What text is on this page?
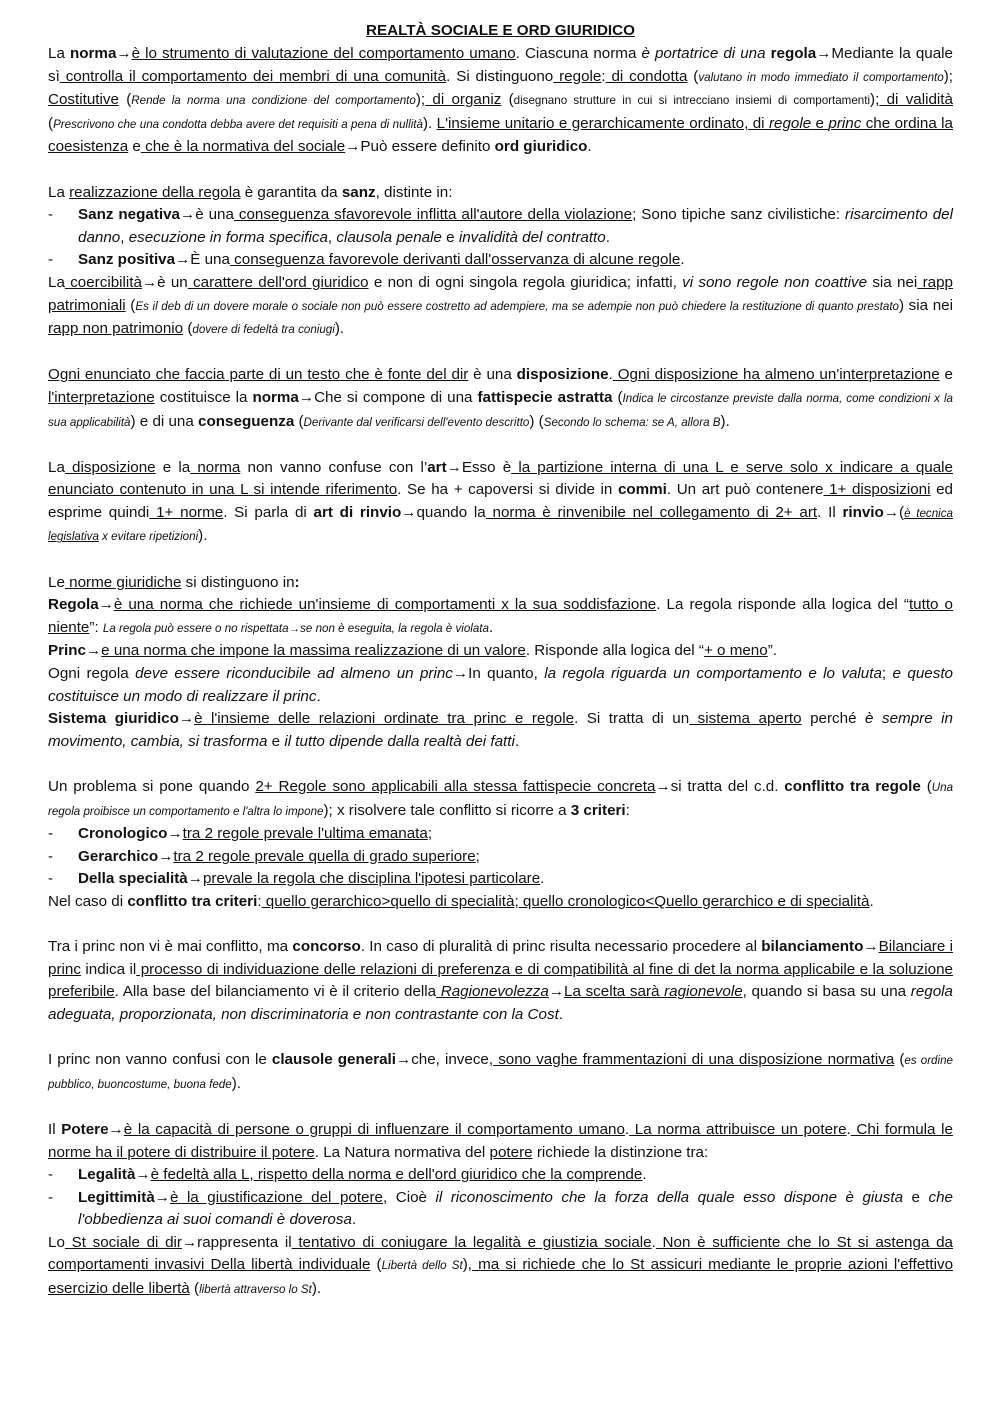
REALTÀ SOCIALE E ORD GIURIDICO

La norma→è lo strumento di valutazione del comportamento umano. Ciascuna norma è portatrice di una regola→Mediante la quale sì controlla il comportamento dei membri di una comunità. Si distinguono regole: di condotta (valutano in modo immediato il comportamento); Costitutive (Rende la norma una condizione del comportamento); di organiz (disegnano strutture in cui si intrecciano insiemi di comportamenti); di validità (Prescrivono che una condotta debba avere det requisiti a pena di nullità). L'insieme unitario e gerarchicamente ordinato, di regole e princ che ordina la coesistenza e che è la normativa del sociale→Può essere definito ord giuridico.

La realizzazione della regola è garantita da sanz, distinte in:

-	Sanz negativa→è una conseguenza sfavorevole inflitta all'autore della violazione; Sono tipiche sanz civilistiche: risarcimento del danno, esecuzione in forma specifica, clausola penale e invalidità del contratto.
-	Sanz positiva→È una conseguenza favorevole derivanti dall'osservanza di alcune regole.

La coercibilità→è un carattere dell'ord giuridico e non di ogni singola regola giuridica; infatti, vi sono regole non coattive sia nei rapp patrimoniali (Es il deb di un dovere morale o sociale non può essere costretto ad adempiere, ma se adempie non può chiedere la restituzione di quanto prestato) sia nei rapp non patrimonio (dovere di fedeltà tra coniugi).

Ogni enunciato che faccia parte di un testo che è fonte del dir è una disposizione. Ogni disposizione ha almeno un'interpretazione e l'interpretazione costituisce la norma→Che si compone di una fattispecie astratta (Indica le circostanze previste dalla norma, come condizioni x la sua applicabilità) e di una conseguenza (Derivante dal verificarsi dell'evento descritto) (Secondo lo schema: se A, allora B).

La disposizione e la norma non vanno confuse con l’art→Esso è la partizione interna di una L e serve solo x indicare a quale enunciato contenuto in una L si intende riferimento. Se ha + capoversi si divide in commi. Un art può contenere 1+ disposizioni ed esprime quindi 1+ norme. Si parla di art di rinvio→quando la norma è rinvenibile nel collegamento di 2+ art. Il rinvio→(è tecnica legislativa x evitare ripetizioni).

Le norme giuridiche si distinguono in:

Regola→è una norma che richiede un'insieme di comportamenti x la sua soddisfazione. La regola risponde alla logica del “tutto o niente”: La regola può essere o no rispettata→se non è eseguita, la regola è violata.

Princ→e una norma che impone la massima realizzazione di un valore. Risponde alla logica del “+ o meno”.

Ogni regola deve essere riconducibile ad almeno un princ→In quanto, la regola riguarda un comportamento e lo valuta; e questo costituisce un modo di realizzare il princ.

Sistema giuridico→è l'insieme delle relazioni ordinate tra princ e regole. Si tratta di un sistema aperto perché è sempre in movimento, cambia, si trasforma e il tutto dipende dalla realtà dei fatti.

Un problema si pone quando 2+ Regole sono applicabili alla stessa fattispecie concreta→si tratta del c.d. conflitto tra regole (Una regola proibisce un comportamento e l'altra lo impone); x risolvere tale conflitto si ricorre a 3 criteri:

-	Cronologico→tra 2 regole prevale l'ultima emanata;
-	Gerarchico→tra 2 regole prevale quella di grado superiore;
-	Della specialità→prevale la regola che disciplina l'ipotesi particolare.

Nel caso di conflitto tra criteri: quello gerarchico>quello di specialità; quello cronologico<Quello gerarchico e di specialità.

Tra i princ non vi è mai conflitto, ma concorso. In caso di pluralità di princ risulta necessario procedere al bilanciamento→Bilanciare i princ indica il processo di individuazione delle relazioni di preferenza e di compatibilità al fine di det la norma applicabile e la soluzione preferibile. Alla base del bilanciamento vi è il criterio della Ragionevolezza→La scelta sarà ragionevole, quando si basa su una regola adeguata, proporzionata, non discriminatoria e non contrastante con la Cost.

I princ non vanno confusi con le clausole generali→che, invece, sono vaghe frammentazioni di una disposizione normativa (es ordine pubblico, buoncostume, buona fede).

Il Potere→è la capacità di persone o gruppi di influenzare il comportamento umano. La norma attribuisce un potere. Chi formula le norme ha il potere di distribuire il potere. La Natura normativa del potere richiede la distinzione tra:

-	Legalità→è fedeltà alla L, rispetto della norma e dell'ord giuridico che la comprende.
-	Legittimità→è la giustificazione del potere, Cioè il riconoscimento che la forza della quale esso dispone è giusta e che l'obbedienza ai suoi comandi è doverosa.

Lo St sociale di dir→rappresenta il tentativo di coniugare la legalità e giustizia sociale. Non è sufficiente che lo St si astenga da comportamenti invasivi Della libertà individuale (Libertà dello St), ma si richiede che lo St assicuri mediante le proprie azioni l'effettivo esercizio delle libertà (libertà attraverso lo St).
